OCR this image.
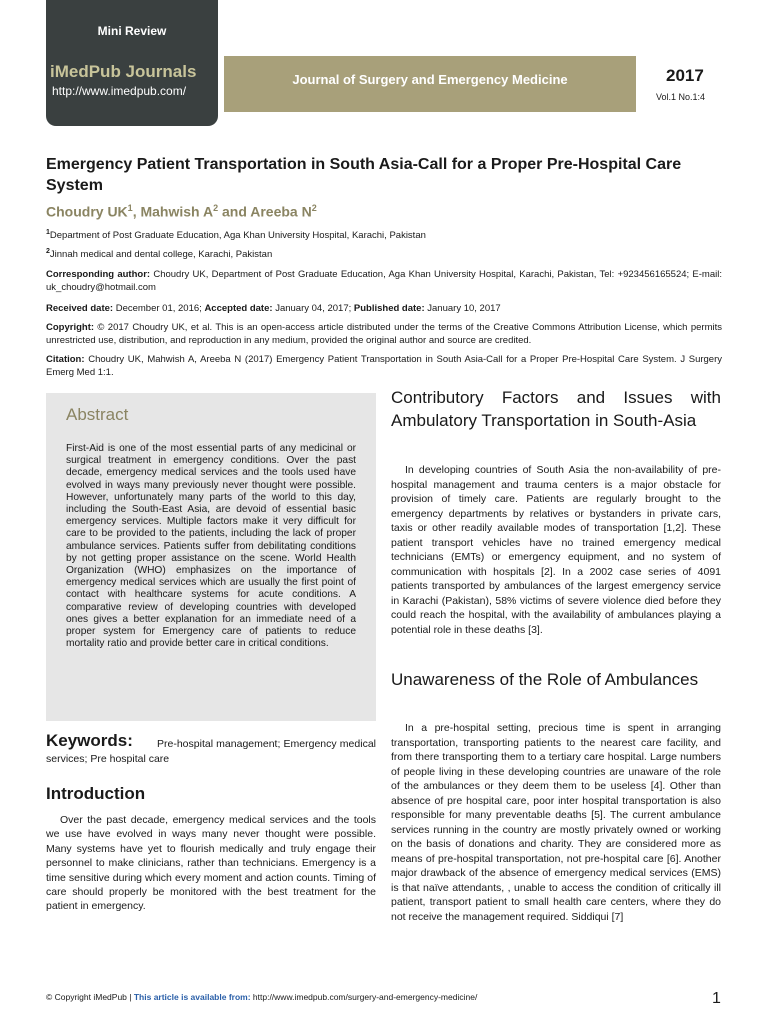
Mini Review
iMedPub Journals
http://www.imedpub.com/
Journal of Surgery and Emergency Medicine	2017
Vol.1 No.1:4
Emergency Patient Transportation in South Asia-Call for a Proper Pre-Hospital Care System
Choudry $UK^1$, Mahwish $A^2$ and Areeba $N^2$
$^1$Department of Post Graduate Education, Aga Khan University Hospital, Karachi, Pakistan
$^2$Jinnah medical and dental college, Karachi, Pakistan
Corresponding author: Choudry UK, Department of Post Graduate Education, Aga Khan University Hospital, Karachi, Pakistan, Tel: +923456165524; E-mail: uk_choudry@hotmail.com
Received date: December 01, 2016; Accepted date: January 04, 2017; Published date: January 10, 2017
Copyright: © 2017 Choudry UK, et al. This is an open-access article distributed under the terms of the Creative Commons Attribution License, which permits unrestricted use, distribution, and reproduction in any medium, provided the original author and source are credited.
Citation: Choudry UK, Mahwish A, Areeba N (2017) Emergency Patient Transportation in South Asia-Call for a Proper Pre-Hospital Care System. J Surgery Emerg Med 1:1.
Abstract
First-Aid is one of the most essential parts of any medicinal or surgical treatment in emergency conditions. Over the past decade, emergency medical services and the tools used have evolved in ways many previously never thought were possible. However, unfortunately many parts of the world to this day, including the South-East Asia, are devoid of essential basic emergency services. Multiple factors make it very difficult for care to be provided to the patients, including the lack of proper ambulance services. Patients suffer from debilitating conditions by not getting proper assistance on the scene. World Health Organization (WHO) emphasizes on the importance of emergency medical services which are usually the first point of contact with healthcare systems for acute conditions. A comparative review of developing countries with developed ones gives a better explanation for an immediate need of a proper system for Emergency care of patients to reduce mortality ratio and provide better care in critical conditions.
Keywords:	Pre-hospital management; Emergency medical services; Pre hospital care
Introduction
Over the past decade, emergency medical services and the tools we use have evolved in ways many never thought were possible. Many systems have yet to flourish medically and truly engage their personnel to make clinicians, rather than technicians. Emergency is a time sensitive during which every moment and action counts. Timing of care should properly be monitored with the best treatment for the patient in emergency.
Contributory Factors and Issues with Ambulatory Transportation in South-Asia
In developing countries of South Asia the non-availability of pre-hospital management and trauma centers is a major obstacle for provision of timely care. Patients are regularly brought to the emergency departments by relatives or bystanders in private cars, taxis or other readily available modes of transportation [1,2]. These patient transport vehicles have no trained emergency medical technicians (EMTs) or emergency equipment, and no system of communication with hospitals [2]. In a 2002 case series of 4091 patients transported by ambulances of the largest emergency service in Karachi (Pakistan), 58% victims of severe violence died before they could reach the hospital, with the availability of ambulances playing a potential role in these deaths [3].
Unawareness of the Role of Ambulances
In a pre-hospital setting, precious time is spent in arranging transportation, transporting patients to the nearest care facility, and from there transporting them to a tertiary care hospital. Large numbers of people living in these developing countries are unaware of the role of the ambulances or they deem them to be useless [4]. Other than absence of pre hospital care, poor inter hospital transportation is also responsible for many preventable deaths [5]. The current ambulance services running in the country are mostly privately owned or working on the basis of donations and charity. They are considered more as means of pre-hospital transportation, not pre-hospital care [6]. Another major drawback of the absence of emergency medical services (EMS) is that naïve attendants, , unable to access the condition of critically ill patient, transport patient to small health care centers, where they do not receive the management required. Siddiqui [7]
© Copyright iMedPub | This article is available from: http://www.imedpub.com/surgery-and-emergency-medicine/	1
